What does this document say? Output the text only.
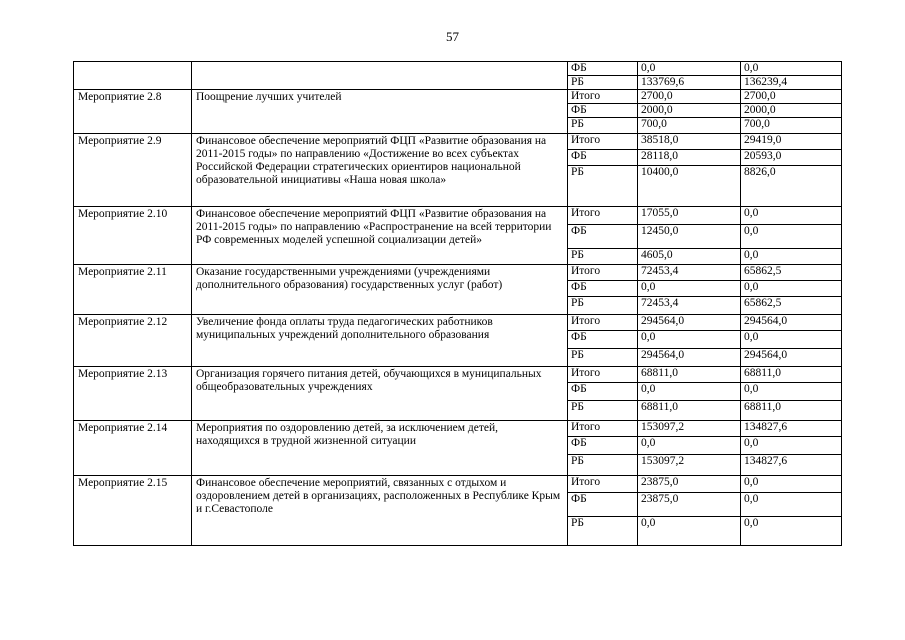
57
		ФБ	0,0	0,0
		РБ	133769,6	136239,4
Мероприятие 2.8	Поощрение лучших учителей	Итого	2700,0	2700,0
		ФБ	2000,0	2000,0
		РБ	700,0	700,0
Мероприятие 2.9	Финансовое обеспечение мероприятий ФЦП «Развитие образования на 2011-2015 годы» по направлению «Достижение во всех субъектах Российской Федерации стратегических ориентиров национальной образовательной инициативы «Наша новая школа»	Итого	38518,0	29419,0
		ФБ	28118,0	20593,0
		РБ	10400,0	8826,0
Мероприятие 2.10	Финансовое обеспечение мероприятий ФЦП «Развитие образования на 2011-2015 годы» по направлению «Распространение на всей территории РФ современных моделей успешной социализации детей»	Итого	17055,0	0,0
		ФБ	12450,0	0,0
		РБ	4605,0	0,0
Мероприятие 2.11	Оказание государственными учреждениями (учреждениями дополнительного образования) государственных услуг (работ)	Итого	72453,4	65862,5
		ФБ	0,0	0,0
		РБ	72453,4	65862,5
Мероприятие 2.12	Увеличение фонда оплаты труда педагогических работников муниципальных учреждений дополнительного образования	Итого	294564,0	294564,0
		ФБ	0,0	0,0
		РБ	294564,0	294564,0
Мероприятие 2.13	Организация горячего питания детей, обучающихся в муниципальных общеобразовательных учреждениях	Итого	68811,0	68811,0
		ФБ	0,0	0,0
		РБ	68811,0	68811,0
Мероприятие 2.14	Мероприятия по оздоровлению детей, за исключением детей, находящихся в трудной жизненной ситуации	Итого	153097,2	134827,6
		ФБ	0,0	0,0
		РБ	153097,2	134827,6
Мероприятие 2.15	Финансовое обеспечение мероприятий, связанных с отдыхом и оздоровлением детей в организациях, расположенных в Республике Крым и г.Севастополе	Итого	23875,0	0,0
		ФБ	23875,0	0,0
		РБ	0,0	0,0
